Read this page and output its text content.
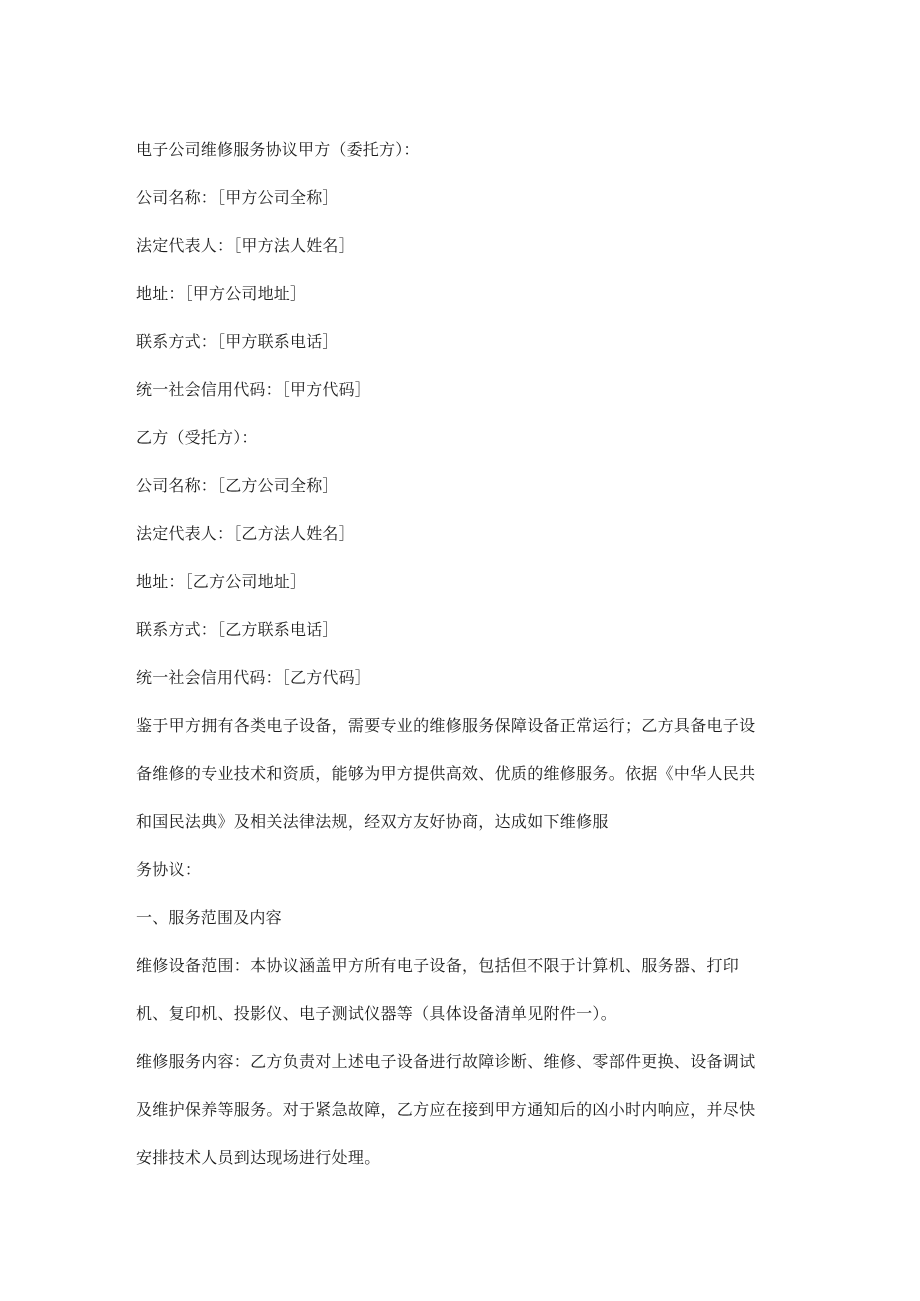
电子公司维修服务协议甲方（委托方）：
公司名称：［甲方公司全称］
法定代表人：［甲方法人姓名］
地址：［甲方公司地址］
联系方式：［甲方联系电话］
统一社会信用代码：［甲方代码］
乙方（受托方）：
公司名称：［乙方公司全称］
法定代表人：［乙方法人姓名］
地址：［乙方公司地址］
联系方式：［乙方联系电话］
统一社会信用代码：［乙方代码］
鉴于甲方拥有各类电子设备，需要专业的维修服务保障设备正常运行；乙方具备电子设
备维修的专业技术和资质，能够为甲方提供高效、优质的维修服务。依据《中华人民共
和国民法典》及相关法律法规，经双方友好协商，达成如下维修服
务协议：
一、服务范围及内容
维修设备范围：本协议涵盖甲方所有电子设备，包括但不限于计算机、服务器、打印
机、复印机、投影仪、电子测试仪器等（具体设备清单见附件一）。
维修服务内容：乙方负责对上述电子设备进行故障诊断、维修、零部件更换、设备调试
及维护保养等服务。对于紧急故障，乙方应在接到甲方通知后的凶小时内响应，并尽快
安排技术人员到达现场进行处理。
